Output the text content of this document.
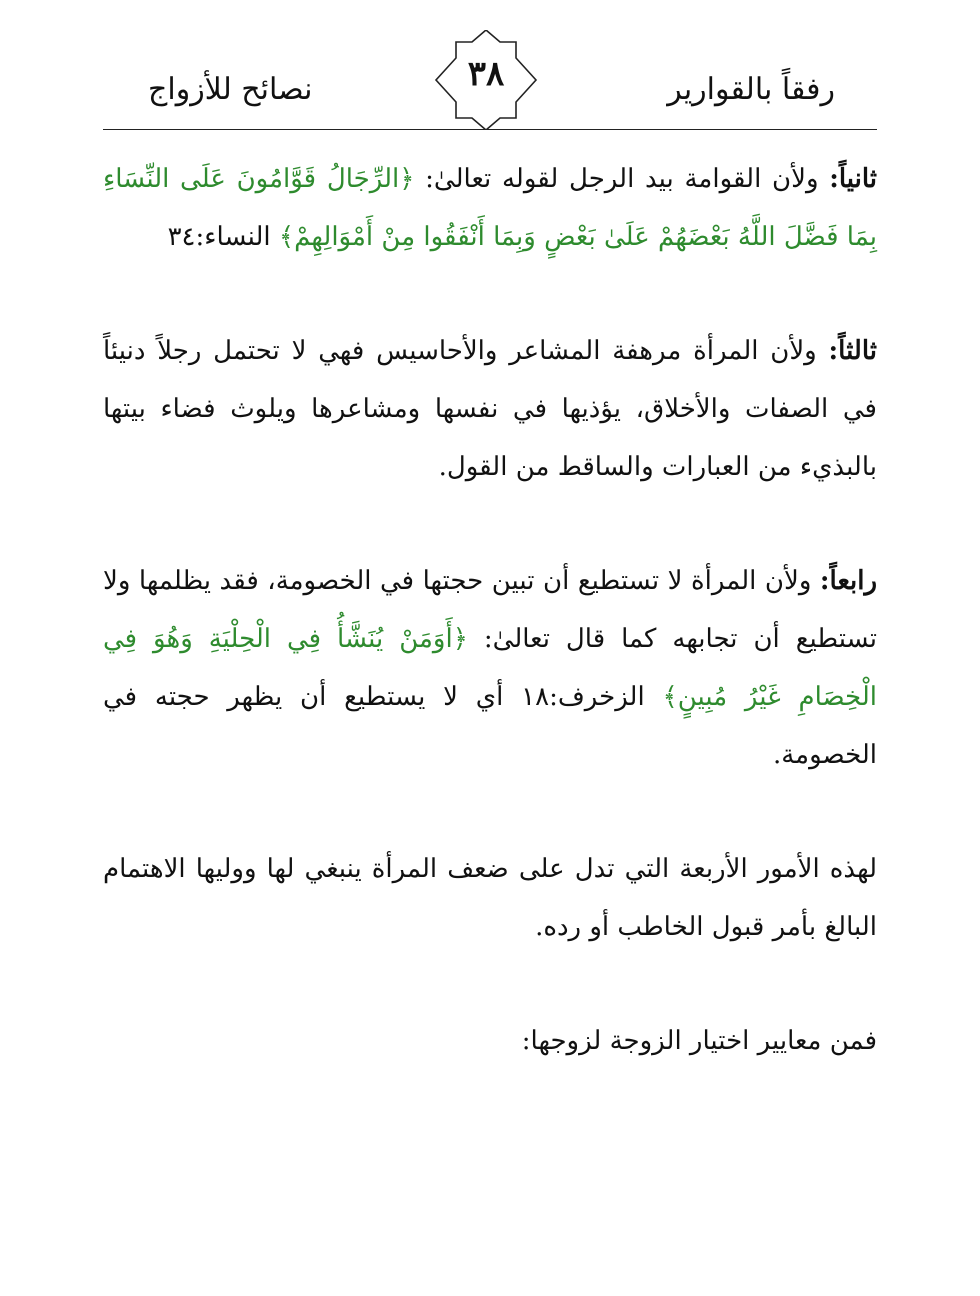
رفقاً بالقوارير
٣٨
نصائح للأزواج

ثانياً: ولأن القوامة بيد الرجل لقوله تعالىٰ: ﴿الرِّجَالُ قَوَّامُونَ عَلَى النِّسَاءِ بِمَا فَضَّلَ اللَّهُ بَعْضَهُمْ عَلَىٰ بَعْضٍ وَبِمَا أَنْفَقُوا مِنْ أَمْوَالِهِمْ﴾ النساء:٣٤

ثالثاً: ولأن المرأة مرهفة المشاعر والأحاسيس فهي لا تحتمل رجلاً دنيئاً في الصفات والأخلاق، يؤذيها في نفسها ومشاعرها ويلوث فضاء بيتها بالبذيء من العبارات والساقط من القول.

رابعاً: ولأن المرأة لا تستطيع أن تبين حجتها في الخصومة، فقد يظلمها ولا تستطيع أن تجابهه كما قال تعالىٰ: ﴿أَوَمَنْ يُنَشَّأُ فِي الْحِلْيَةِ وَهُوَ فِي الْخِصَامِ غَيْرُ مُبِينٍ﴾ الزخرف:١٨ أي لا يستطيع أن يظهر حجته في الخصومة.

لهذه الأمور الأربعة التي تدل على ضعف المرأة ينبغي لها ووليها الاهتمام البالغ بأمر قبول الخاطب أو رده.

فمن معايير اختيار الزوجة لزوجها:
